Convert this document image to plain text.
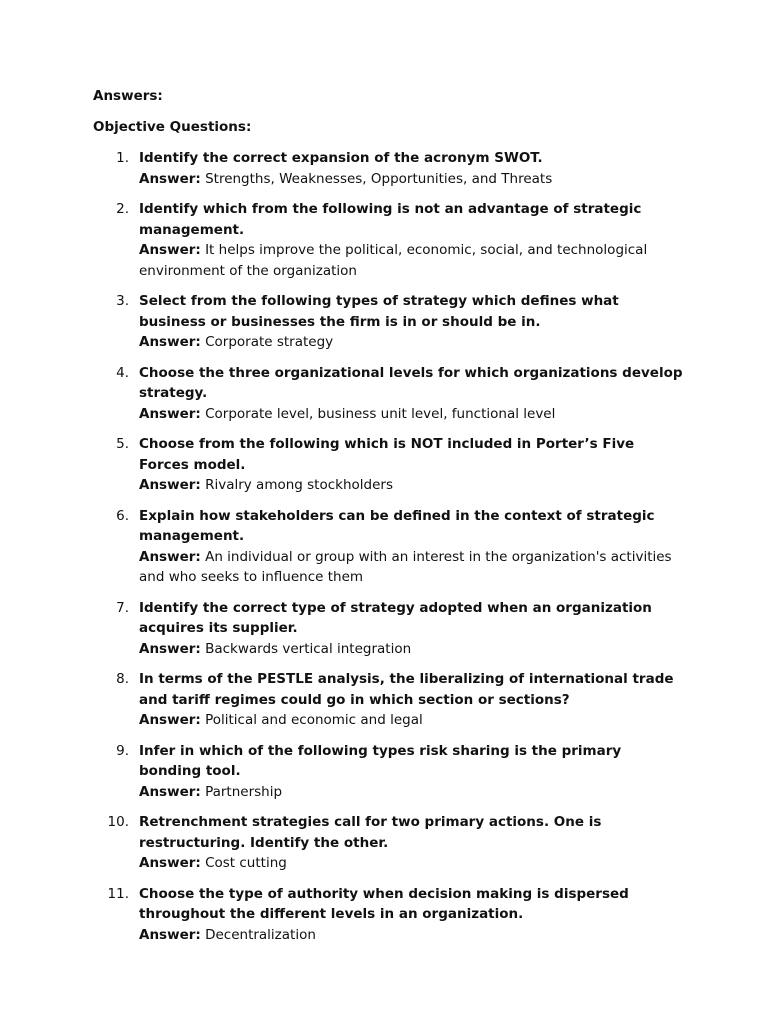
Answers:

Objective Questions:

1. Identify the correct expansion of the acronym SWOT.
Answer: Strengths, Weaknesses, Opportunities, and Threats
2. Identify which from the following is not an advantage of strategic management.
Answer: It helps improve the political, economic, social, and technological environment of the organization
3. Select from the following types of strategy which defines what business or businesses the firm is in or should be in.
Answer: Corporate strategy
4. Choose the three organizational levels for which organizations develop strategy.
Answer: Corporate level, business unit level, functional level
5. Choose from the following which is NOT included in Porter’s Five Forces model.
Answer: Rivalry among stockholders
6. Explain how stakeholders can be defined in the context of strategic management.
Answer: An individual or group with an interest in the organization's activities and who seeks to influence them
7. Identify the correct type of strategy adopted when an organization acquires its supplier.
Answer: Backwards vertical integration
8. In terms of the PESTLE analysis, the liberalizing of international trade and tariff regimes could go in which section or sections?
Answer: Political and economic and legal
9. Infer in which of the following types risk sharing is the primary bonding tool.
Answer: Partnership
10. Retrenchment strategies call for two primary actions. One is restructuring. Identify the other.
Answer: Cost cutting
11. Choose the type of authority when decision making is dispersed throughout the different levels in an organization.
Answer: Decentralization
